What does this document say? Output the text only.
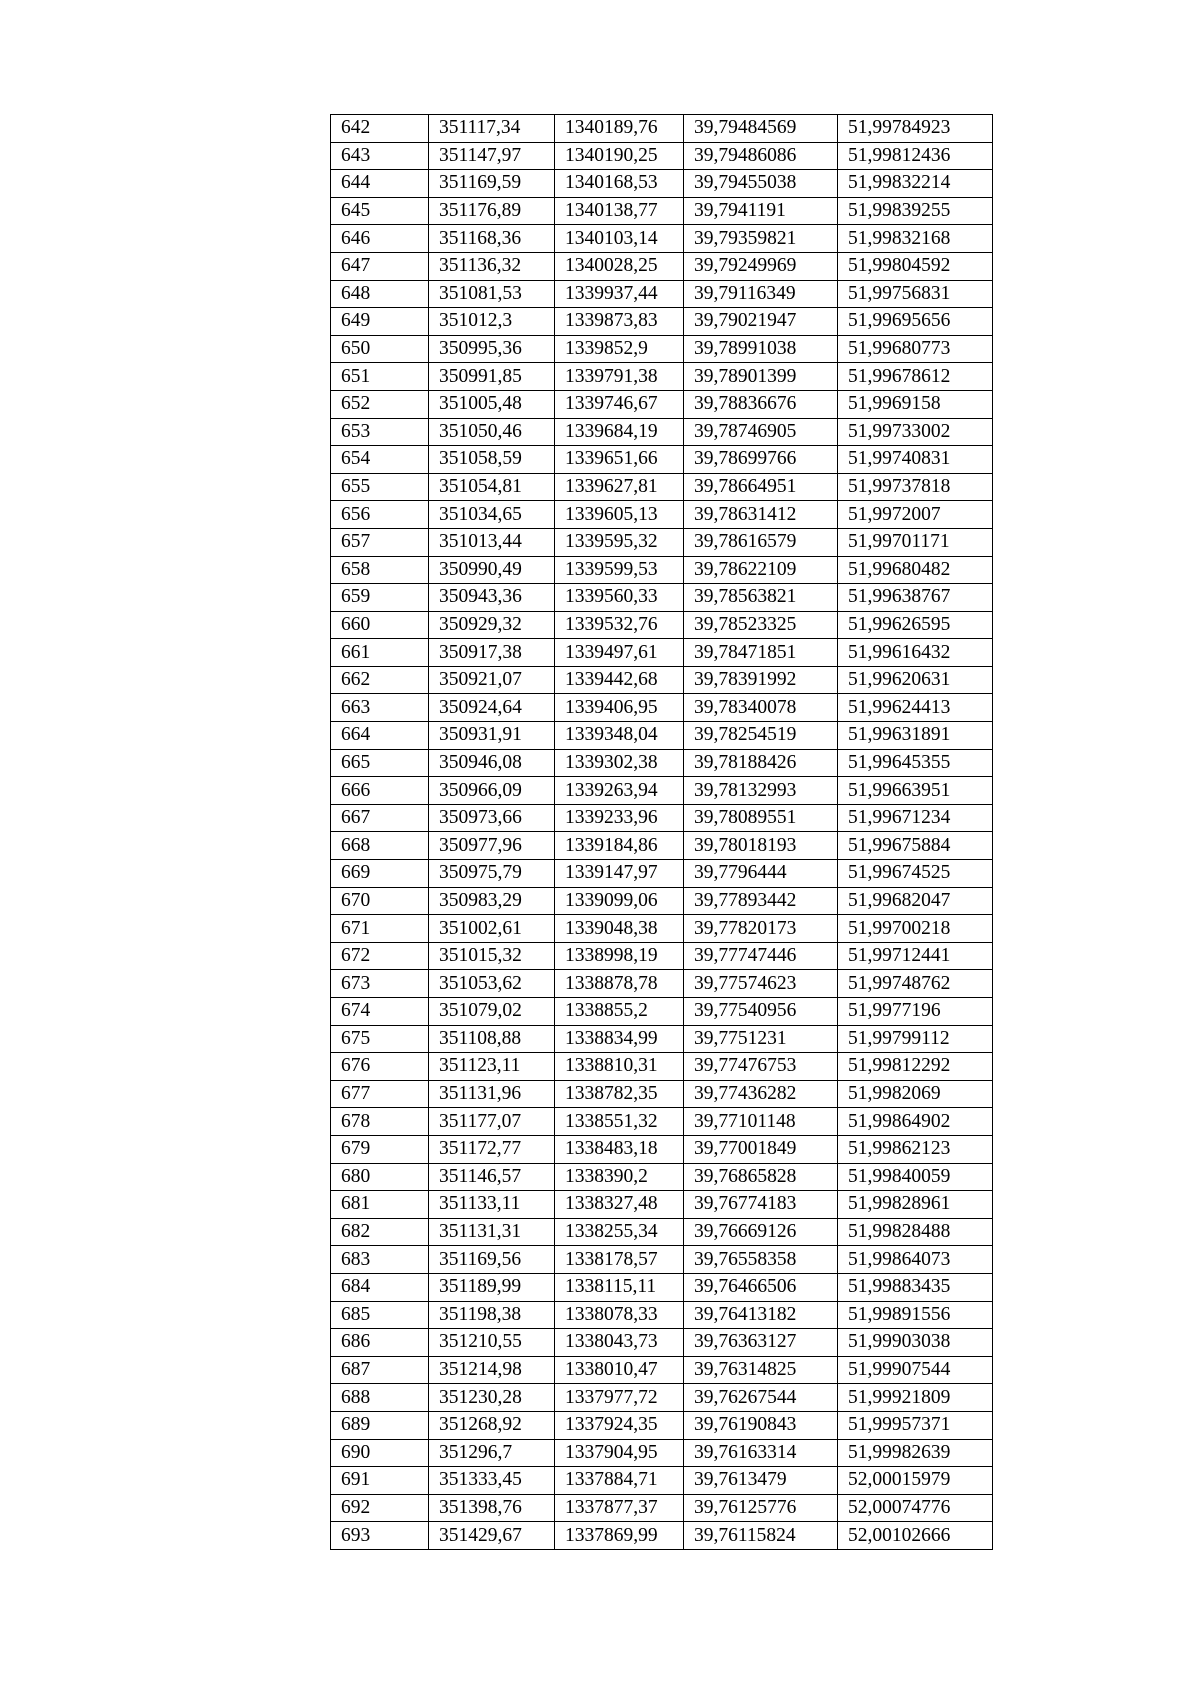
642	351117,34	1340189,76	39,79484569	51,99784923
643	351147,97	1340190,25	39,79486086	51,99812436
644	351169,59	1340168,53	39,79455038	51,99832214
645	351176,89	1340138,77	39,7941191	51,99839255
646	351168,36	1340103,14	39,79359821	51,99832168
647	351136,32	1340028,25	39,79249969	51,99804592
648	351081,53	1339937,44	39,79116349	51,99756831
649	351012,3	1339873,83	39,79021947	51,99695656
650	350995,36	1339852,9	39,78991038	51,99680773
651	350991,85	1339791,38	39,78901399	51,99678612
652	351005,48	1339746,67	39,78836676	51,9969158
653	351050,46	1339684,19	39,78746905	51,99733002
654	351058,59	1339651,66	39,78699766	51,99740831
655	351054,81	1339627,81	39,78664951	51,99737818
656	351034,65	1339605,13	39,78631412	51,9972007
657	351013,44	1339595,32	39,78616579	51,99701171
658	350990,49	1339599,53	39,78622109	51,99680482
659	350943,36	1339560,33	39,78563821	51,99638767
660	350929,32	1339532,76	39,78523325	51,99626595
661	350917,38	1339497,61	39,78471851	51,99616432
662	350921,07	1339442,68	39,78391992	51,99620631
663	350924,64	1339406,95	39,78340078	51,99624413
664	350931,91	1339348,04	39,78254519	51,99631891
665	350946,08	1339302,38	39,78188426	51,99645355
666	350966,09	1339263,94	39,78132993	51,99663951
667	350973,66	1339233,96	39,78089551	51,99671234
668	350977,96	1339184,86	39,78018193	51,99675884
669	350975,79	1339147,97	39,7796444	51,99674525
670	350983,29	1339099,06	39,77893442	51,99682047
671	351002,61	1339048,38	39,77820173	51,99700218
672	351015,32	1338998,19	39,77747446	51,99712441
673	351053,62	1338878,78	39,77574623	51,99748762
674	351079,02	1338855,2	39,77540956	51,9977196
675	351108,88	1338834,99	39,7751231	51,99799112
676	351123,11	1338810,31	39,77476753	51,99812292
677	351131,96	1338782,35	39,77436282	51,9982069
678	351177,07	1338551,32	39,77101148	51,99864902
679	351172,77	1338483,18	39,77001849	51,99862123
680	351146,57	1338390,2	39,76865828	51,99840059
681	351133,11	1338327,48	39,76774183	51,99828961
682	351131,31	1338255,34	39,76669126	51,99828488
683	351169,56	1338178,57	39,76558358	51,99864073
684	351189,99	1338115,11	39,76466506	51,99883435
685	351198,38	1338078,33	39,76413182	51,99891556
686	351210,55	1338043,73	39,76363127	51,99903038
687	351214,98	1338010,47	39,76314825	51,99907544
688	351230,28	1337977,72	39,76267544	51,99921809
689	351268,92	1337924,35	39,76190843	51,99957371
690	351296,7	1337904,95	39,76163314	51,99982639
691	351333,45	1337884,71	39,7613479	52,00015979
692	351398,76	1337877,37	39,76125776	52,00074776
693	351429,67	1337869,99	39,76115824	52,00102666
